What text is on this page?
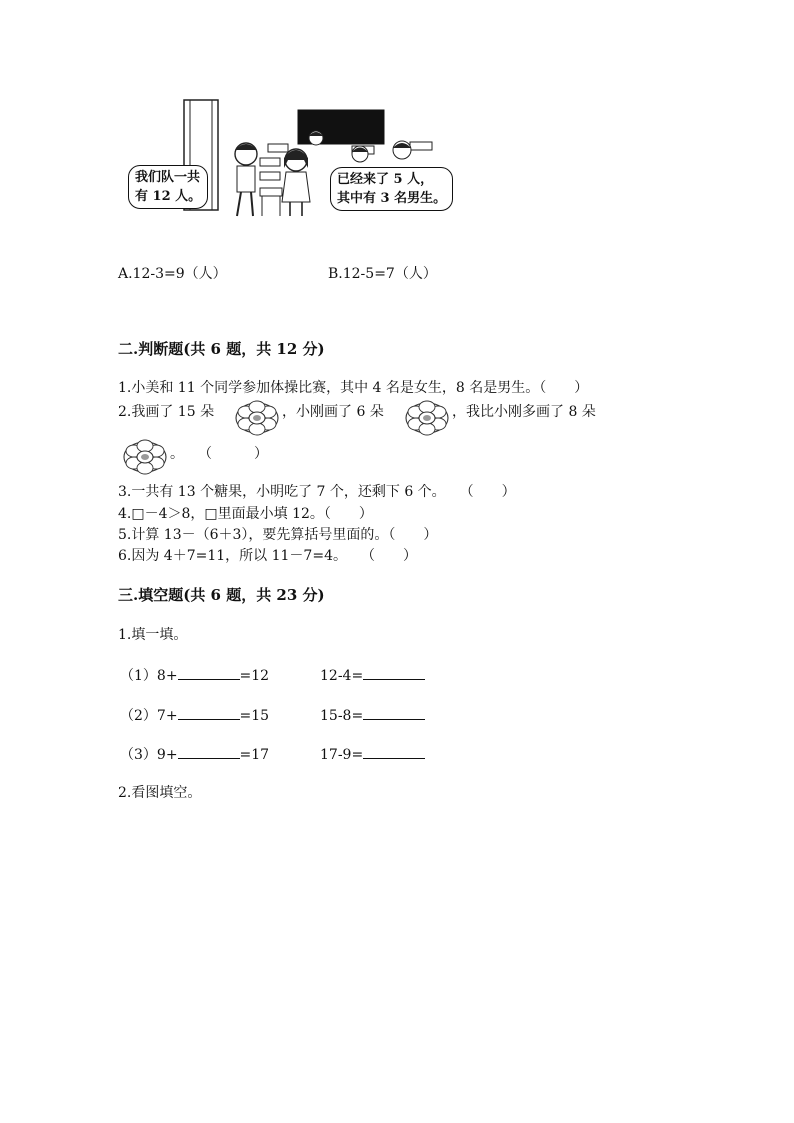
我们队一共
有 12 人。
已经来了 5 人，
其中有 3 名男生。
A.12-3=9（人）	B.12-5=7（人）
二.判断题(共 6 题，共 12 分)
1.小美和 11 个同学参加体操比赛，其中 4 名是女生，8 名是男生。（　　）
2.我画了 15 朵	，小刚画了 6 朵	，我比小刚多画了 8 朵
。　　（　　　）
3.一共有 13 个糖果，小明吃了 7 个，还剩下 6 个。　　（　　）
4.□－4＞8，□里面最小填 12。（　　）
5.计算 13－（6＋3），要先算括号里面的。（　　）
6.因为 4＋7=11，所以 11－7=4。　　（　　）
三.填空题(共 6 题，共 23 分)
1.填一填。
（1）8+	=12	12-4=
（2）7+	=15	15-8=
（3）9+	=17	17-9=
2.看图填空。
